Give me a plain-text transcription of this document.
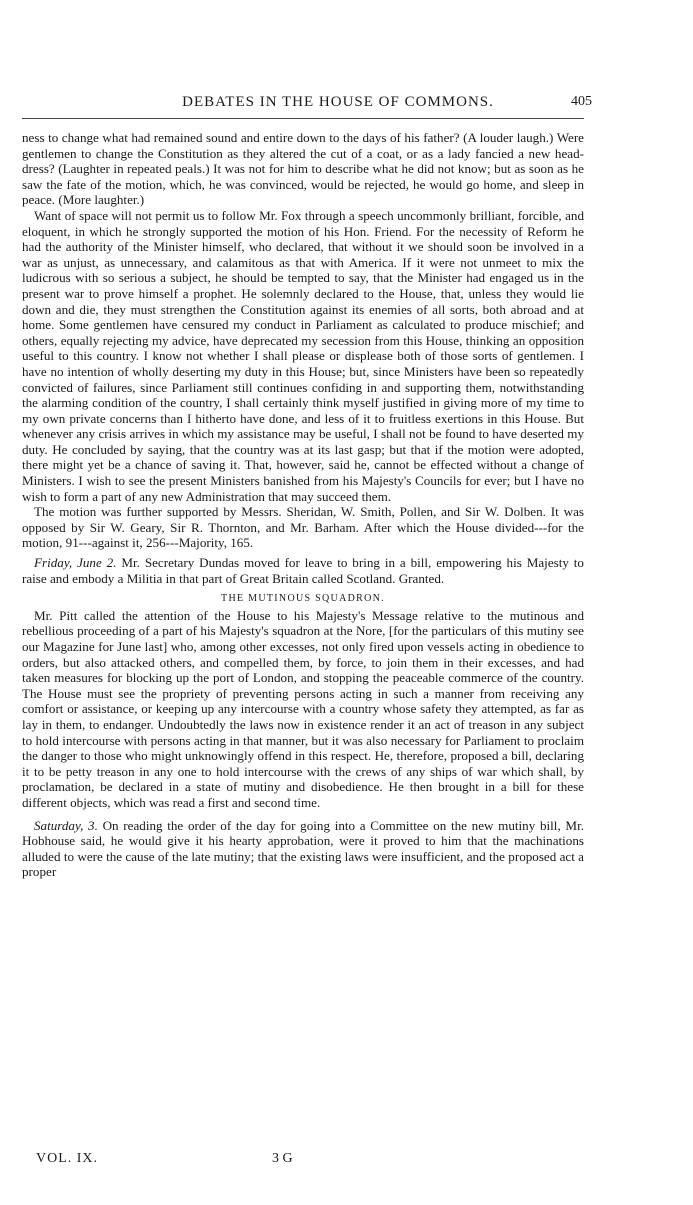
DEBATES IN THE HOUSE OF COMMONS.	405

ness to change what had remained sound and entire down to the days of his father? (A louder laugh.) Were gentlemen to change the Constitution as they altered the cut of a coat, or as a lady fancied a new head-dress? (Laughter in repeated peals.) It was not for him to describe what he did not know; but as soon as he saw the fate of the motion, which, he was convinced, would be rejected, he would go home, and sleep in peace. (More laughter.)

Want of space will not permit us to follow Mr. Fox through a speech uncommonly brilliant, forcible, and eloquent, in which he strongly supported the motion of his Hon. Friend. For the necessity of Reform he had the authority of the Minister himself, who declared, that without it we should soon be involved in a war as unjust, as unnecessary, and calamitous as that with America. If it were not unmeet to mix the ludicrous with so serious a subject, he should be tempted to say, that the Minister had engaged us in the present war to prove himself a prophet. He solemnly declared to the House, that, unless they would lie down and die, they must strengthen the Constitution against its enemies of all sorts, both abroad and at home. Some gentlemen have censured my conduct in Parliament as calculated to produce mischief; and others, equally rejecting my advice, have deprecated my secession from this House, thinking an opposition useful to this country. I know not whether I shall please or displease both of those sorts of gentlemen. I have no intention of wholly deserting my duty in this House; but, since Ministers have been so repeatedly convicted of failures, since Parliament still continues confiding in and supporting them, notwithstanding the alarming condition of the country, I shall certainly think myself justified in giving more of my time to my own private concerns than I hitherto have done, and less of it to fruitless exertions in this House. But whenever any crisis arrives in which my assistance may be useful, I shall not be found to have deserted my duty. He concluded by saying, that the country was at its last gasp; but that if the motion were adopted, there might yet be a chance of saving it. That, however, said he, cannot be effected without a change of Ministers. I wish to see the present Ministers banished from his Majesty's Councils for ever; but I have no wish to form a part of any new Administration that may succeed them.

The motion was further supported by Messrs. Sheridan, W. Smith, Pollen, and Sir W. Dolben. It was opposed by Sir W. Geary, Sir R. Thornton, and Mr. Barham. After which the House divided---for the motion, 91---against it, 256---Majority, 165.

Friday, June 2. Mr. Secretary Dundas moved for leave to bring in a bill, empowering his Majesty to raise and embody a Militia in that part of Great Britain called Scotland. Granted.

THE MUTINOUS SQUADRON.

Mr. Pitt called the attention of the House to his Majesty's Message relative to the mutinous and rebellious proceeding of a part of his Majesty's squadron at the Nore, [for the particulars of this mutiny see our Magazine for June last] who, among other excesses, not only fired upon vessels acting in obedience to orders, but also attacked others, and compelled them, by force, to join them in their excesses, and had taken measures for blocking up the port of London, and stopping the peaceable commerce of the country. The House must see the propriety of preventing persons acting in such a manner from receiving any comfort or assistance, or keeping up any intercourse with a country whose safety they attempted, as far as lay in them, to endanger. Undoubtedly the laws now in existence render it an act of treason in any subject to hold intercourse with persons acting in that manner, but it was also necessary for Parliament to proclaim the danger to those who might unknowingly offend in this respect. He, therefore, proposed a bill, declaring it to be petty treason in any one to hold intercourse with the crews of any ships of war which shall, by proclamation, be declared in a state of mutiny and disobedience. He then brought in a bill for these different objects, which was read a first and second time.

Saturday, 3. On reading the order of the day for going into a Committee on the new mutiny bill, Mr. Hobhouse said, he would give it his hearty approbation, were it proved to him that the machinations alluded to were the cause of the late mutiny; that the existing laws were insufficient, and the proposed act a proper

VOL. IX.	3 G
